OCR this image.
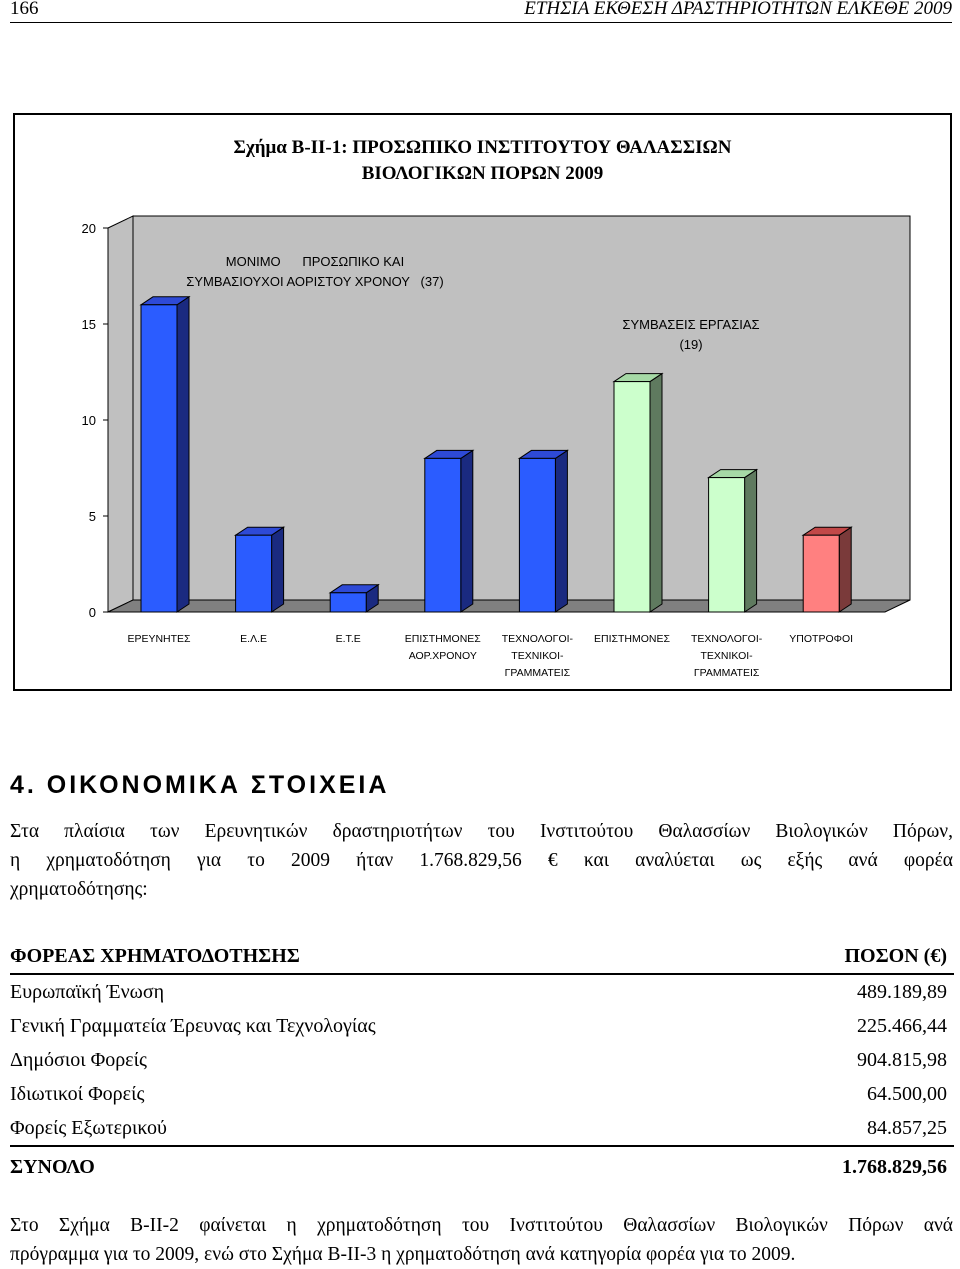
166	ΕΤΗΣΙΑ ΕΚΘΕΣΗ ΔΡΑΣΤΗΡΙΟΤΗΤΩΝ ΕΛΚΕΘΕ 2009
Σχήμα Β-ΙΙ-1: ΠΡΟΣΩΠΙΚΟ ΙΝΣΤΙΤΟΥΤΟΥ ΘΑΛΑΣΣΙΩΝ
ΒΙΟΛΟΓΙΚΩΝ ΠΟΡΩΝ 2009
0
5
10
15
20
ΕΡΕΥΝΗΤΕΣ	Ε.Λ.Ε	Ε.Τ.Ε	ΕΠΙΣΤΗΜΟΝΕΣ
ΑΟΡ.ΧΡΟΝΟΥ
ΤΕΧΝΟΛΟΓΟΙ-
ΤΕΧΝΙΚΟΙ-
ΓΡΑΜΜΑΤΕΙΣ
ΕΠΙΣΤΗΜΟΝΕΣ ΤΕΧΝΟΛΟΓΟΙ-
ΤΕΧΝΙΚΟΙ-
ΓΡΑΜΜΑΤΕΙΣ
ΥΠΟΤΡΟΦΟΙ
ΜΟΝΙΜΟ      ΠΡΟΣΩΠΙΚΟ ΚΑΙ
ΣΥΜΒΑΣΙΟΥΧΟΙ ΑΟΡΙΣΤΟΥ ΧΡΟΝΟΥ   (37)
ΣΥΜΒΑΣΕΙΣ ΕΡΓΑΣΙΑΣ
(19)
4. ΟΙΚΟΝΟΜΙΚΑ ΣΤΟΙΧΕΙΑ
Στα πλαίσια των Ερευνητικών δραστηριοτήτων του Ινστιτούτου Θαλασσίων Βιολογικών Πόρων,
η χρηματοδότηση για το 2009 ήταν 1.768.829,56 € και αναλύεται ως εξής ανά φορέα
χρηματοδότησης:
ΦΟΡΕΑΣ ΧΡΗΜΑΤΟΔΟΤΗΣΗΣ	ΠΟΣΟΝ (€)
Ευρωπαϊκή Ένωση	489.189,89
Γενική Γραμματεία Έρευνας και Τεχνολογίας	225.466,44
Δημόσιοι Φορείς	904.815,98
Ιδιωτικοί Φορείς	64.500,00
Φορείς Εξωτερικού	84.857,25
ΣΥΝΟΛΟ	1.768.829,56
Στο Σχήμα Β-ΙΙ-2 φαίνεται η χρηματοδότηση του Ινστιτούτου Θαλασσίων Βιολογικών Πόρων ανά
πρόγραμμα για το 2009, ενώ στο Σχήμα Β-ΙΙ-3 η χρηματοδότηση ανά κατηγορία φορέα για το 2009.
